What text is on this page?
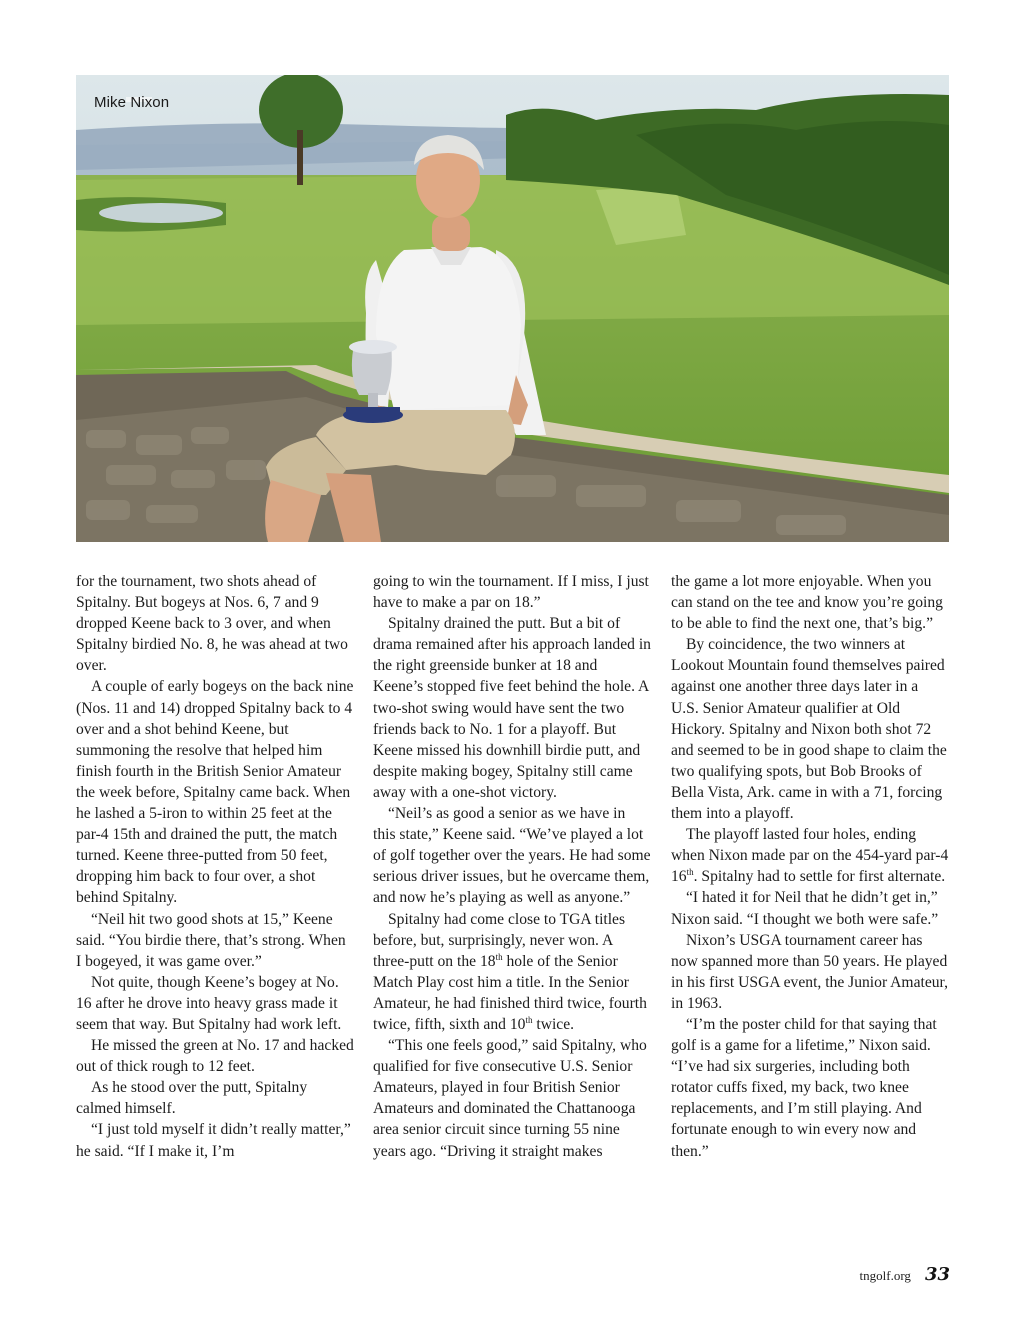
Mike Nixon

for the tournament, two shots ahead of Spitalny. But bogeys at Nos. 6, 7 and 9 dropped Keene back to 3 over, and when Spitalny birdied No. 8, he was ahead at two over.

A couple of early bogeys on the back nine (Nos. 11 and 14) dropped Spitalny back to 4 over and a shot behind Keene, but summoning the resolve that helped him finish fourth in the British Senior Amateur the week before, Spitalny came back. When he lashed a 5-iron to within 25 feet at the par-4 15th and drained the putt, the match turned. Keene three-putted from 50 feet, dropping him back to four over, a shot behind Spitalny.

“Neil hit two good shots at 15,” Keene said. “You birdie there, that’s strong. When I bogeyed, it was game over.”

Not quite, though Keene’s bogey at No. 16 after he drove into heavy grass made it seem that way. But Spitalny had work left.

He missed the green at No. 17 and hacked out of thick rough to 12 feet.

As he stood over the putt, Spitalny calmed himself.

“I just told myself it didn’t really matter,” he said. “If I make it, I’m

going to win the tournament. If I miss, I just have to make a par on 18.”

Spitalny drained the putt. But a bit of drama remained after his approach landed in the right greenside bunker at 18 and Keene’s stopped five feet behind the hole. A two-shot swing would have sent the two friends back to No. 1 for a playoff. But Keene missed his downhill birdie putt, and despite making bogey, Spitalny still came away with a one-shot victory.

“Neil’s as good a senior as we have in this state,” Keene said. “We’ve played a lot of golf together over the years. He had some serious driver issues, but he overcame them, and now he’s playing as well as anyone.”

Spitalny had come close to TGA titles before, but, surprisingly, never won. A three-putt on the 18th hole of the Senior Match Play cost him a title. In the Senior Amateur, he had finished third twice, fourth twice, fifth, sixth and 10th twice.

“This one feels good,” said Spitalny, who qualified for five consecutive U.S. Senior Amateurs, played in four British Senior Amateurs and dominated the Chattanooga area senior circuit since turning 55 nine years ago. “Driving it straight makes

the game a lot more enjoyable. When you can stand on the tee and know you’re going to be able to find the next one, that’s big.”

By coincidence, the two winners at Lookout Mountain found themselves paired against one another three days later in a U.S. Senior Amateur qualifier at Old Hickory. Spitalny and Nixon both shot 72 and seemed to be in good shape to claim the two qualifying spots, but Bob Brooks of Bella Vista, Ark. came in with a 71, forcing them into a playoff.

The playoff lasted four holes, ending when Nixon made par on the 454-yard par-4 16th. Spitalny had to settle for first alternate.

“I hated it for Neil that he didn’t get in,” Nixon said. “I thought we both were safe.”

Nixon’s USGA tournament career has now spanned more than 50 years. He played in his first USGA event, the Junior Amateur, in 1963.

“I’m the poster child for that saying that golf is a game for a lifetime,” Nixon said. “I’ve had six surgeries, including both rotator cuffs fixed, my back, two knee replacements, and I’m still playing. And fortunate enough to win every now and then.”

tngolf.org 33
